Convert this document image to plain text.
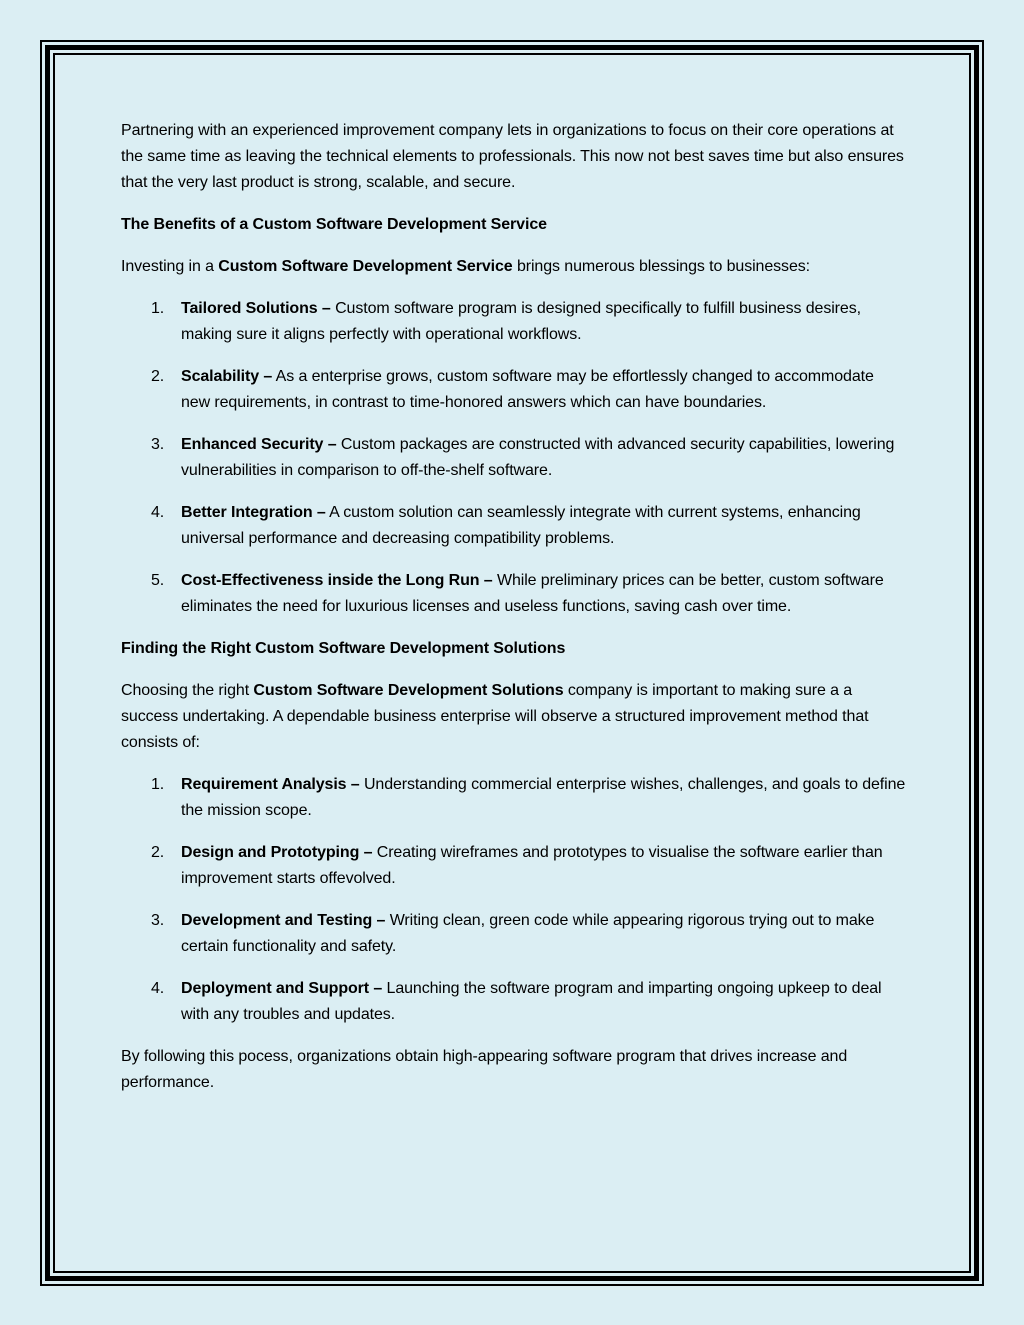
Partnering with an experienced improvement company lets in organizations to focus on their core operations at the same time as leaving the technical elements to professionals. This now not best saves time but also ensures that the very last product is strong, scalable, and secure.

The Benefits of a Custom Software Development Service

Investing in a Custom Software Development Service brings numerous blessings to businesses:

1. Tailored Solutions – Custom software program is designed specifically to fulfill business desires, making sure it aligns perfectly with operational workflows.
2. Scalability – As a enterprise grows, custom software may be effortlessly changed to accommodate new requirements, in contrast to time-honored answers which can have boundaries.
3. Enhanced Security – Custom packages are constructed with advanced security capabilities, lowering vulnerabilities in comparison to off-the-shelf software.
4. Better Integration – A custom solution can seamlessly integrate with current systems, enhancing universal performance and decreasing compatibility problems.
5. Cost-Effectiveness inside the Long Run – While preliminary prices can be better, custom software eliminates the need for luxurious licenses and useless functions, saving cash over time.
Finding the Right Custom Software Development Solutions

Choosing the right Custom Software Development Solutions company is important to making sure a a success undertaking. A dependable business enterprise will observe a structured improvement method that consists of:

1. Requirement Analysis – Understanding commercial enterprise wishes, challenges, and goals to define the mission scope.
2. Design and Prototyping – Creating wireframes and prototypes to visualise the software earlier than improvement starts offevolved.
3. Development and Testing – Writing clean, green code while appearing rigorous trying out to make certain functionality and safety.
4. Deployment and Support – Launching the software program and imparting ongoing upkeep to deal with any troubles and updates.

By following this pocess, organizations obtain high-appearing software program that drives increase and performance.
